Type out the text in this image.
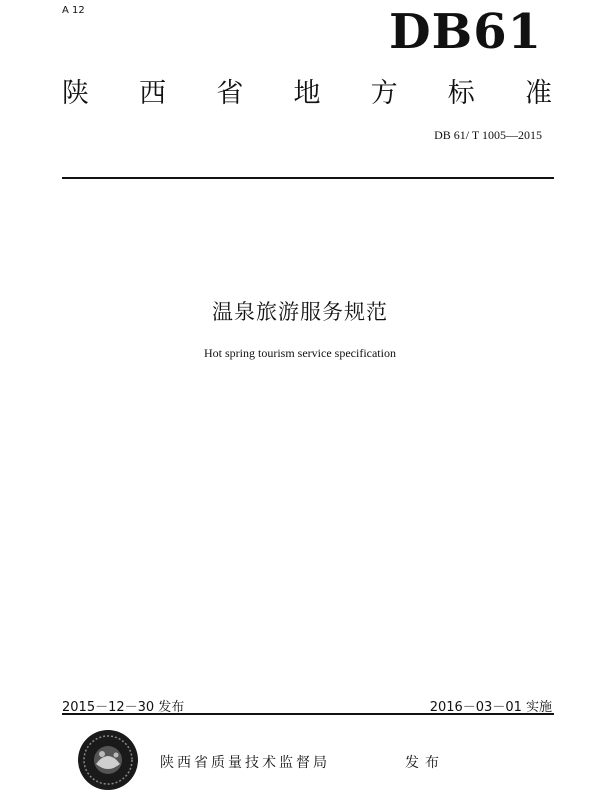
A 12	DB61
陕 西 省 地 方 标 准
DB 61/ T 1005—2015
温泉旅游服务规范
Hot spring tourism service specification
2015－12－30 发布	2016－03－01 实施
陕西省质量技术监督局	发布
